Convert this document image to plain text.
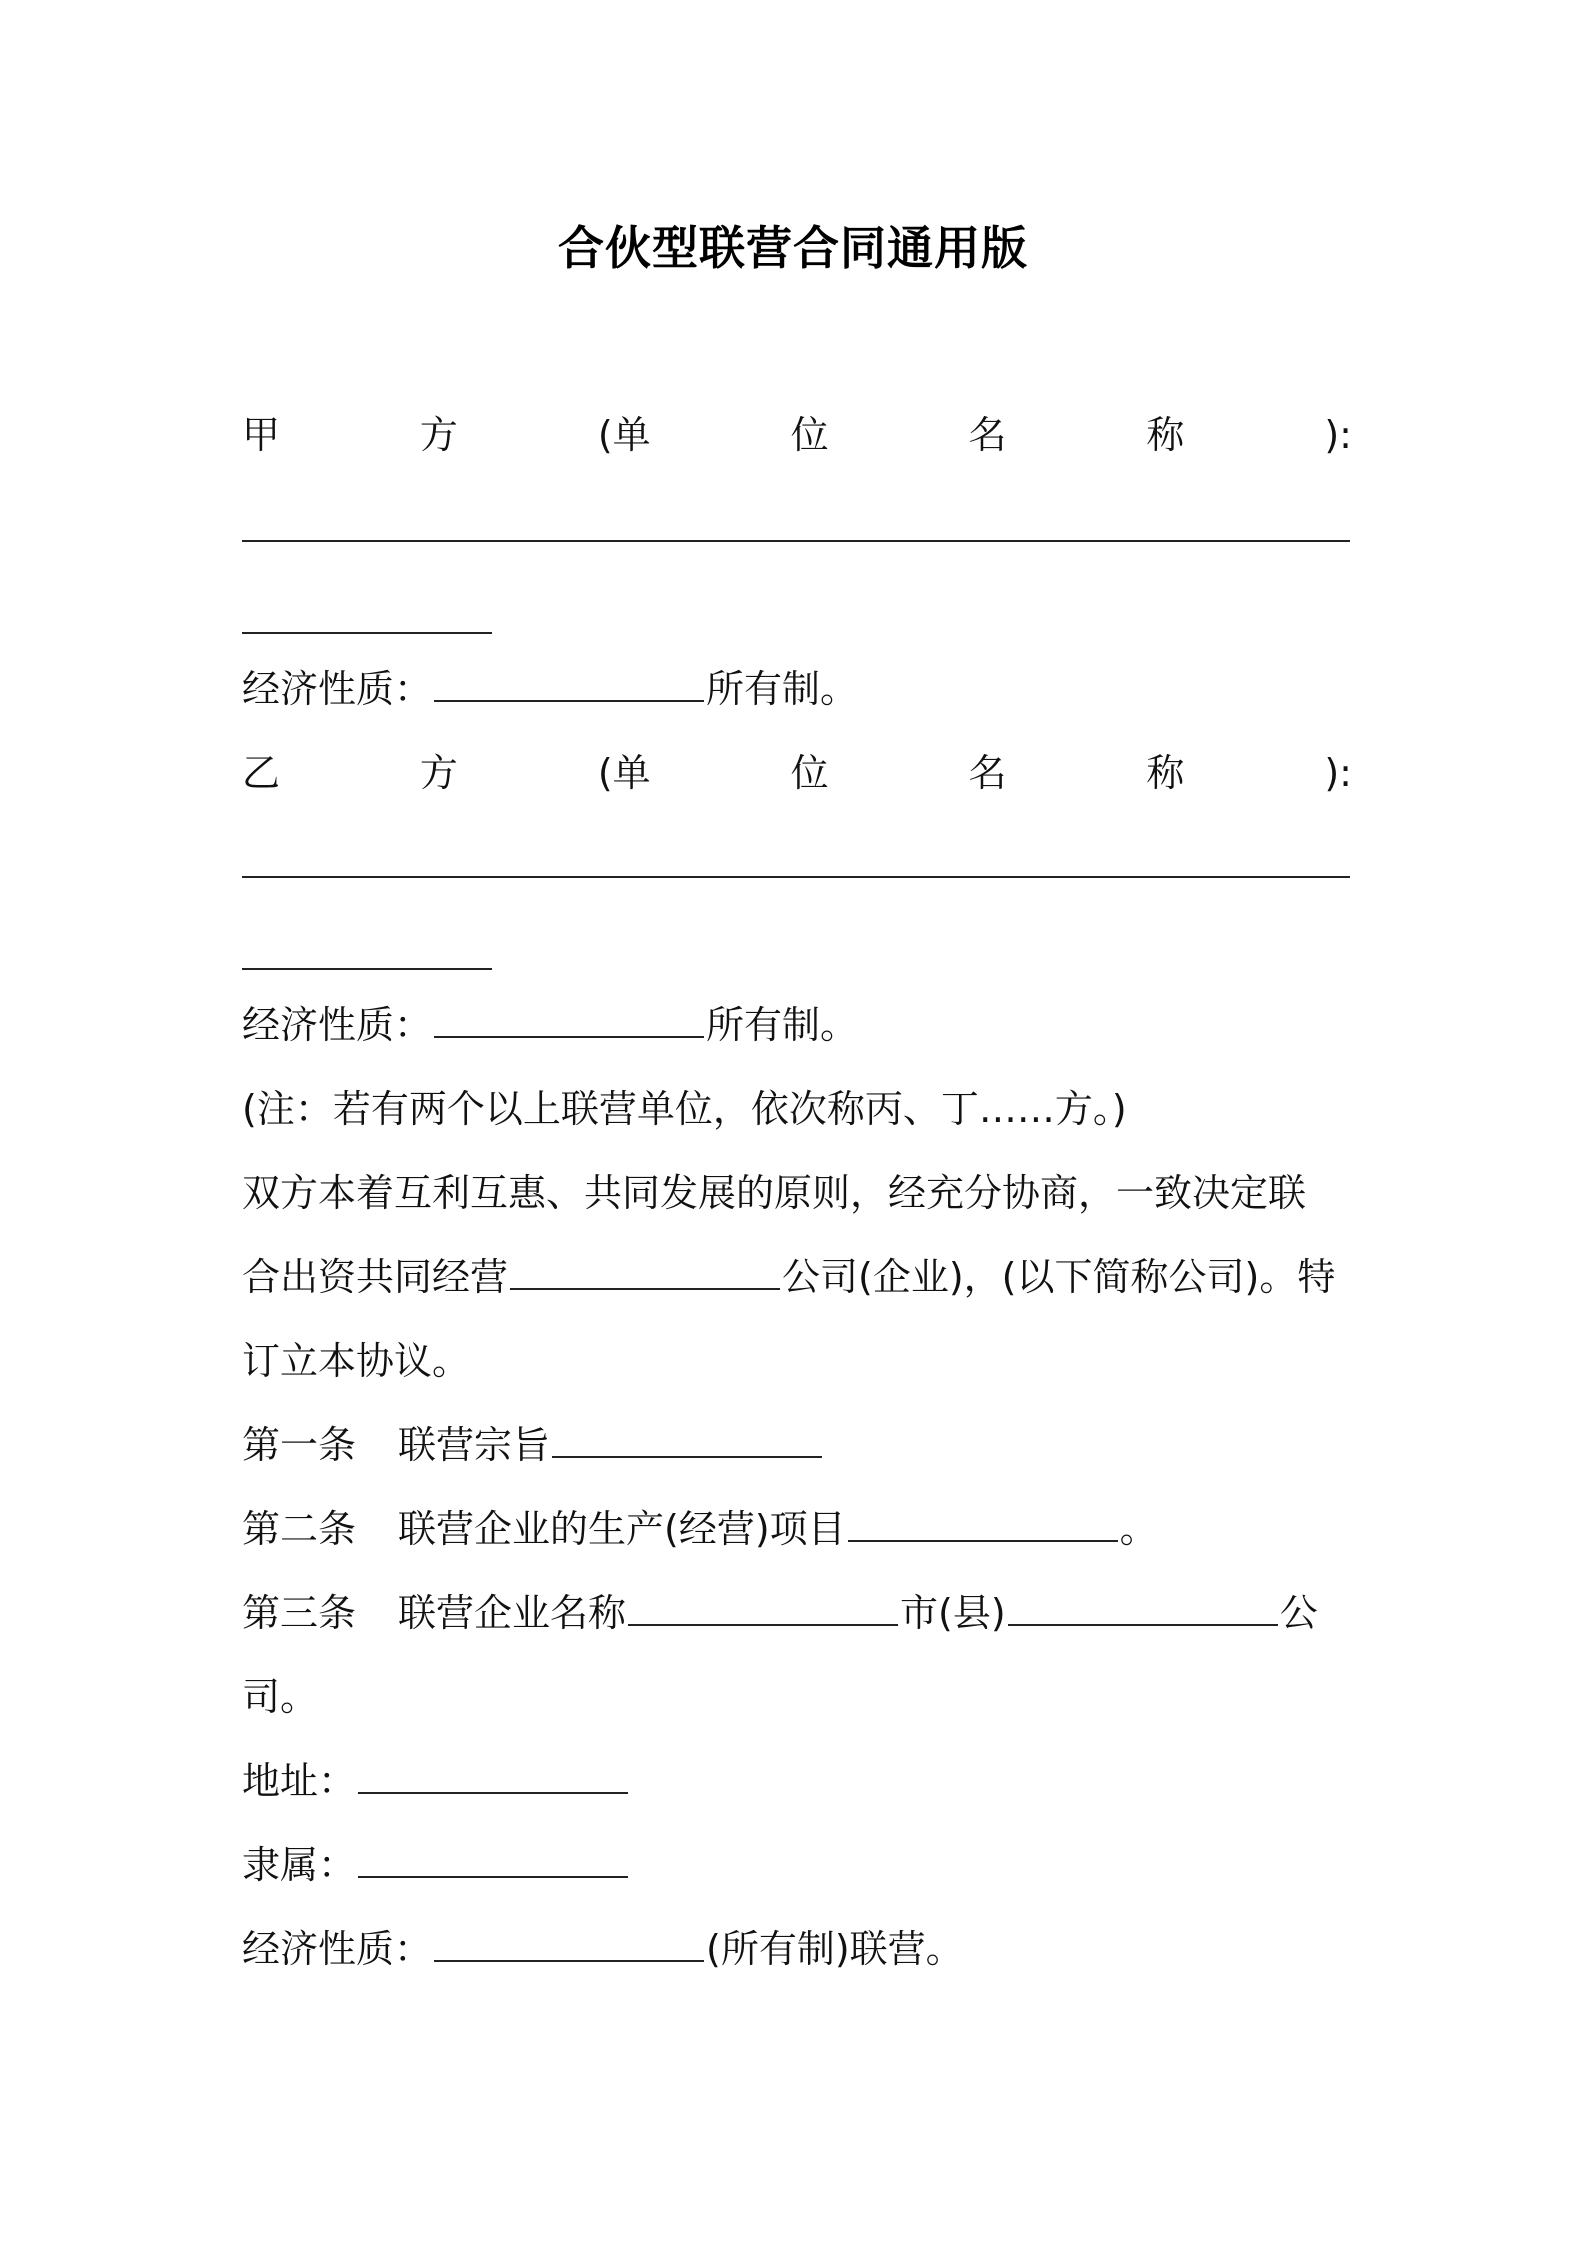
合伙型联营合同通用版
甲	方	(单	位	名	称	):
经济性质：	所有制。
乙	方	(单	位	名	称	):
经济性质：	所有制。
(注：若有两个以上联营单位，依次称丙、丁……方。)
双方本着互利互惠、共同发展的原则，经充分协商，一致决定联
合出资共同经营	公司(企业)，(以下简称公司)。特
订立本协议。
第一条 联营宗旨
第二条 联营企业的生产(经营)项目	。
第三条 联营企业名称	市(县)	公
司。
地址：
隶属：
经济性质：	(所有制)联营。
